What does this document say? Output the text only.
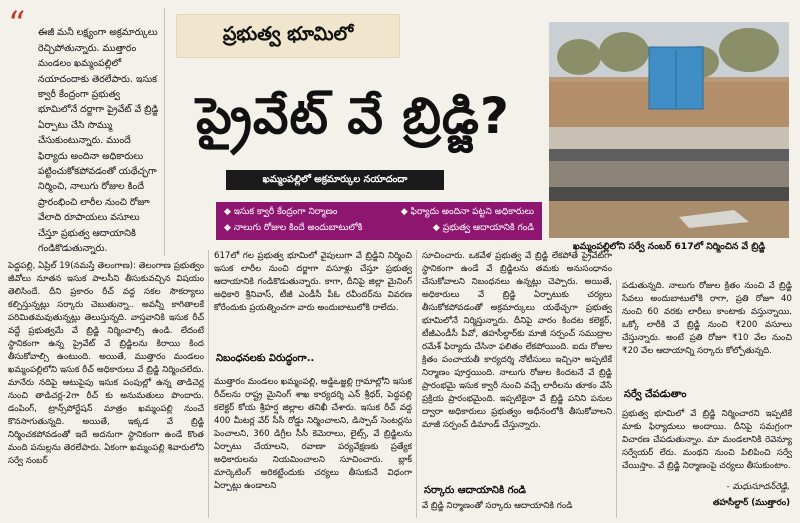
“ ఈజీ మనీ లక్ష్యంగా అక్రమార్కులు రెచ్చిపోతున్నారు. ముత్తారం మండలం ఖమ్మంపల్లిలో నయాదందాకు తెరలేపారు. ఇసుక క్వారీ కేంద్రంగా ప్రభుత్వ భూమిలోనే దర్జాగా ప్రైవేట్ వే బ్రిడ్జి ఏర్పాటు చేసి సొమ్ము చేసుకుంటున్నారు. ముందే ఫిర్యాదు అందినా అధికారులు పట్టించుకోకపోవడంతో యథేచ్ఛగా నిర్మించి, నాలుగు రోజుల కిందే ప్రారంభించి లారీల నుంచి రోజూ వేలాది రూపాయలు వసూలు చేస్తూ ప్రభుత్వ ఆదాయానికి గండికొడుతున్నారు.

ప్రభుత్వ భూమిలో
ప్రైవేట్ వే బ్రిడ్జి?
ఖమ్మంపల్లిలో అక్రమార్కుల నయాదందా
◆ ఇసుక క్వారీ కేంద్రంగా నిర్మాణం	◆ ఫిర్యాదు అందినా పట్టని అధికారులు
◆ నాలుగు రోజుల కిందే అందుబాటులోకి	◆ ప్రభుత్వ ఆదాయానికి గండి
ఖమ్మంపల్లిలోని సర్వే నంబర్ 617లో నిర్మించిన వే బ్రిడ్జి
పెద్దపల్లి, ఏప్రిల్ 19(నమస్తే తెలంగాణ): తెలంగాణ ప్రభుత్వం జీవోలు నూతన ఇసుక పాలసీని తీసుకువచ్చిన విషయం తెలిసిందే. దీని ప్రకారం రీచ్ వద్ద సకల సౌకర్యాలు కల్పిస్తున్నట్లు సర్కారు చెబుతున్నా.. అవన్నీ కాగితాలకే పరిమితమవుతున్నట్లు తెలుస్తున్నది. వాస్తవానికి ఇసుక రీచ్ వద్దే ప్రభుత్వమే వే బ్రిడ్జి నిర్మించాల్సి ఉండి. లేదంటే స్థానికంగా ఉన్న ప్రైవేట్ వే బ్రిడ్జిలను కిరాయి కింద తీసుకోవాల్సి ఉంటుంది. అయితే, ముత్తారం మండలం ఖమ్మంపల్లిలోని ఇసుక రీచ్ అధికారులు వే బ్రిడ్జి నిర్మించలేదు. మానేరు నదిపై ఆటుపైపు ఇసుక పంపుల్లో ఉన్న తాడిచెర్ల నుంచి తాడిచర్ల-2గా రీచ్ కు అనుమతులు పొందారు. డంపింగ్, ట్రాన్స్‌పోర్టేషన్ మాత్రం ఖమ్మంపల్లి నుంచే కొనసాగుతున్నది. అయితే, ఇక్కడ వే బ్రిడ్జి నిర్మించకపోవడంతో ఇదే అదనుగా స్థానికంగా ఉండే కొంత మంది పనుల్లను తెరలేపారు. ఏకంగా ఖమ్మంపల్లి శివారులోని సర్వే నంబర్
617లో గల ప్రభుత్వ భూమిలో వైపులుగా వే బ్రిడ్జిని నిర్మించి ఇసుక లారీల నుంచి దర్జాగా వసూళ్లు చేస్తూ ప్రభుత్వ ఆదాయానికి గండికొడుతున్నారు. కాగా, దీనిపై జిల్లా మైనింగ్ అధికారి శ్రీనివాస్, టీజీ ఎండీసీ పీఓ రవీందర్‌ను వివరణ కోరేందుకు ప్రయత్నించగా వారు అందుబాటులోకి రాలేదు.
నిబంధనలకు విరుద్ధంగా..
ముత్తారం మండలం ఖమ్మంపల్లి, అడ్డిఒజ్జల్లి గ్రామాల్లోని ఇసుక రీచ్‌లను రాష్ట్ర మైనింగ్ శాఖ కార్యదర్శి ఎన్ శ్రీధర్, పెద్దపల్లి కలెక్టర్ కోయ శ్రీహర్ష జిల్లాల తనిఖీ చేశారు. ఇసుక రీచ్ వద్ద 400 మీటర్ల వేర్ సీసీ రోడ్డు నిర్మించాలని, డిస్పాచ్ సెంటర్లను పెంచాలని, 360 డిగ్రీల సీసీ కెమెరాలు, లైట్స్, వే బ్రిడ్జిలను ఏర్పాటు చేయాలని, రవాణా పర్యవేక్షణకు ప్రత్యేక అధికారులను నియమించాలని సూచించారు. బ్లాక్ మార్కెటింగ్ అరికట్టేందుకు చర్యలు తీసుకునే విధంగా ఏర్పాట్లు ఉండాలని
సూచించారు. ఒకవేళ ప్రభుత్వ వే బ్రిడ్జి లేకపోతే ప్రైవేట్‌గా స్థానికంగా ఉండే వే బ్రిడ్జిలను తమకు అనుసంధానం చేసుకోవాలని నిబంధనలు ఉన్నట్లు చెప్పారు. అయితే, అధికారులు వే బ్రిడ్జి ఏర్పాటుకు చర్యలు తీసుకోకపోవడంతో అక్రమార్కులు యథేచ్ఛగా ప్రభుత్వ భూమిలోనే నిర్మిస్తున్నారు. దీనిపై వారం కిందట కలెక్టర్, టీజీఎండీసీ పీవో, తహసీల్దార్‌కు మాజీ సర్పంచ్ సముద్రాల రమేశ్ ఫిర్యాదు చేసినా ఫలితం లేకపోయింది. ఐదు రోజుల క్రితం పంచాయతీ కార్యదర్శి నోటీసులు ఇచ్చినా అప్పటికే నిర్మాణం పూర్తయింది. నాలుగు రోజుల కిందటనే వే బ్రిడ్జి ప్రారంభమై ఇసుక క్వారీ నుంచి వచ్చే లారీలను తూకం వేసే ప్రక్రియ ప్రారంభమైంది. ఇప్పటికైనా వే బ్రిడ్జి పనిని పనుల ద్వారా అధికారులు ప్రభుత్వం అధీనంలోకి తీసుకోవాలని మాజీ సర్పంచ్ డిమాండ్ చేస్తున్నారు.
సర్కారు ఆదాయానికి గండి
వే బ్రిడ్జి నిర్మాణంతో సర్కారు ఆదాయానికి గండి
పడుతున్నది. నాలుగు రోజుల క్రితం నుంచి వే బ్రిడ్జి సేవలు అందుబాటులోకి రాగా, ప్రతి రోజూ 40 నుంచి 60 వరకు లారీలు కాంటాకు వస్తున్నాయి. ఒక్కో లారీకి వే బ్రిడ్జి నుంచి ₹200 వసూలు చేస్తున్నారు. అంటే ప్రతి రోజూ ₹10 వేల నుంచి ₹20 వేల ఆదాయాన్ని సర్కారు కోల్పోతున్నది.
సర్వే చేపడుతాం
ప్రభుత్వ భూమిలో వే బ్రిడ్జి నిర్మించారని ఇప్పటికే మాకు ఫిర్యాదులు అందాయి. దీనిపై సమగ్రంగా విచారణ చేపడుతున్నాం. మా మండలానికి రెవెన్యూ సర్వేయర్ లేరు. మంథని నుంచి పిలిపించి సర్వే చేయిస్తాం. వే బ్రిడ్జి నిర్మాణంపై చర్యలు తీసుకుంటాం.
- మధుసూదన్‌రెడ్డి,
తహసీల్దార్ (ముత్తారం)
